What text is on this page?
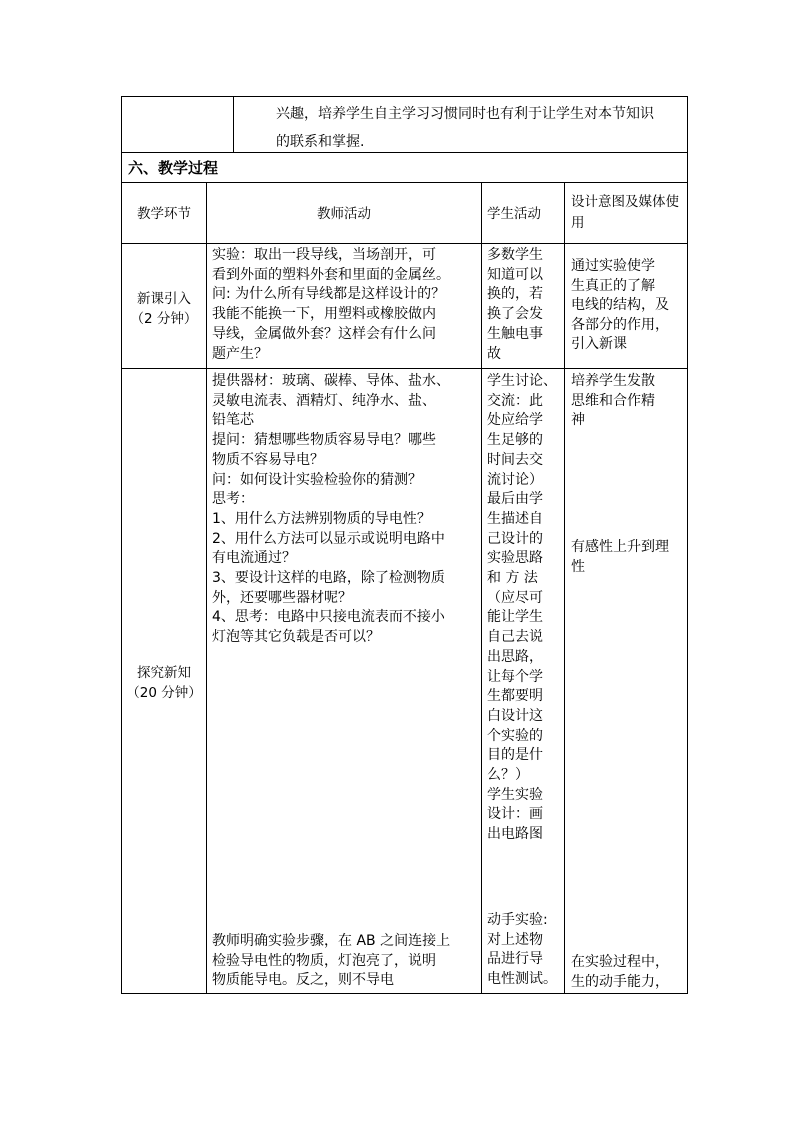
兴趣，培养学生自主学习习惯同时也有利于让学生对本节知识
的联系和掌握.
六、教学过程
教学环节	教师活动	学生活动
设计意图及媒体使用
新课引入
（2 分钟）
实验：取出一段导线，当场剖开，可
看到外面的塑料外套和里面的金属丝。
问: 为什么所有导线都是这样设计的？
我能不能换一下，用塑料或橡胶做内
导线，金属做外套？这样会有什么问
题产生？
多数学生
知道可以
换的，若
换了会发
生触电事
故
通过实验使学
生真正的了解
电线的结构，及
各部分的作用，
引入新课
探究新知
（20 分钟）
提供器材：玻璃、碳棒、导体、盐水、
灵敏电流表、酒精灯、纯净水、盐、
铅笔芯
提问：猜想哪些物质容易导电？哪些
物质不容易导电？
问：如何设计实验检验你的猜测？
思考：
1、用什么方法辨别物质的导电性？
2、用什么方法可以显示或说明电路中
有电流通过？
3、要设计这样的电路，除了检测物质
外，还要哪些器材呢？
4、思考：电路中只接电流表而不接小
灯泡等其它负载是否可以？
教师明确实验步骤，在 AB 之间连接上
检验导电性的物质，灯泡亮了，说明
物质能导电。反之，则不导电
学生讨论、
交流：此
处应给学
生足够的
时间去交
流讨论）
最后由学
生描述自
己设计的
实验思路
和 方 法
（应尽可
能让学生
自己去说
出思路，
让每个学
生都要明
白设计这
个实验的
目的是什
么？）
学生实验
设计：画
出电路图
动手实验:
对上述物
品进行导
电性测试。
培养学生发散
思维和合作精
神
有感性上升到理
性
在实验过程中，
生的动手能力，
